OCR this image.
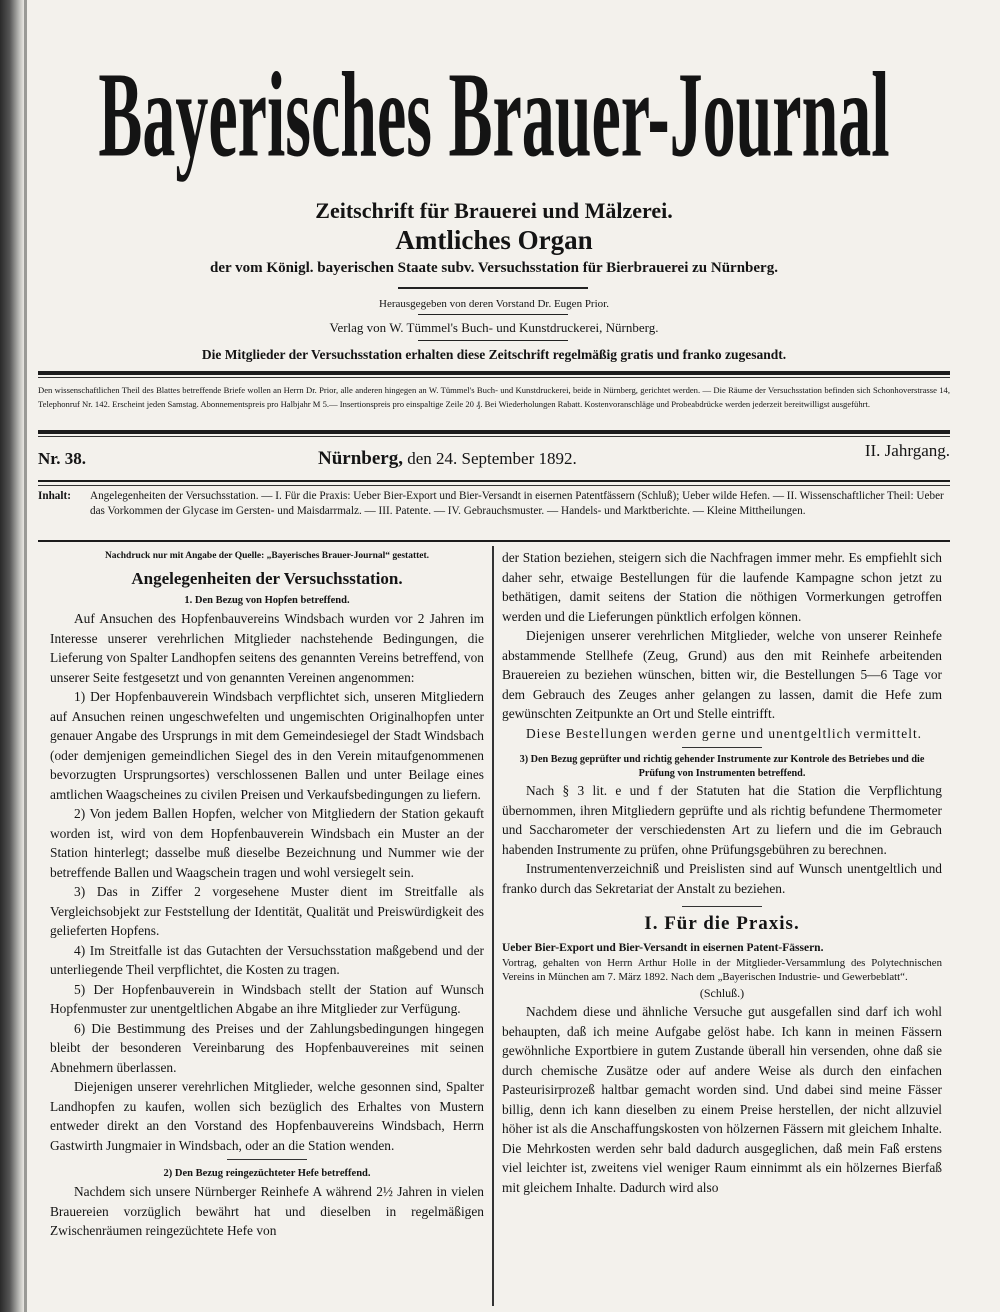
Bayerisches Brauer-Journal
Zeitschrift für Brauerei und Mälzerei.
Amtliches Organ
der vom Königl. bayerischen Staate subv. Versuchsstation für Bierbrauerei zu Nürnberg.
Herausgegeben von deren Vorstand Dr. Eugen Prior.
Verlag von W. Tümmel's Buch- und Kunstdruckerei, Nürnberg.
Die Mitglieder der Versuchsstation erhalten diese Zeitschrift regelmäßig gratis und franko zugesandt.
Den wissenschaftlichen Theil des Blattes betreffende Briefe wollen an Herrn Dr. Prior, alle anderen hingegen an W. Tümmel's Buch- und Kunstdruckerei, beide in Nürnberg, gerichtet werden. — Die Räume der Versuchsstation befinden sich Schonhoverstrasse 14, Telephonruf Nr. 142. Erscheint jeden Samstag. Abonnementspreis pro Halbjahr M 5.— Insertionspreis pro einspaltige Zeile 20 ₰. Bei Wiederholungen Rabatt. Kostenvoranschläge und Probeabdrücke werden jederzeit bereitwilligst ausgeführt.
Nr. 38.	Nürnberg, den 24. September 1892.	II. Jahrgang.
Inhalt: Angelegenheiten der Versuchsstation. — I. Für die Praxis: Ueber Bier-Export und Bier-Versandt in eisernen Patentfässern (Schluß); Ueber wilde Hefen. — II. Wissenschaftlicher Theil: Ueber das Vorkommen der Glycase im Gersten- und Maisdarrmalz. — III. Patente. — IV. Gebrauchsmuster. — Handels- und Marktberichte. — Kleine Mittheilungen.
Nachdruck nur mit Angabe der Quelle: „Bayerisches Brauer-Journal“ gestattet.
Angelegenheiten der Versuchsstation.
1. Den Bezug von Hopfen betreffend.

Auf Ansuchen des Hopfenbauvereins Windsbach wurden vor 2 Jahren im Interesse unserer verehrlichen Mitglieder nachstehende Bedingungen, die Lieferung von Spalter Landhopfen seitens des genannten Vereins betreffend, von unserer Seite festgesetzt und von genannten Vereinen angenommen:

1) Der Hopfenbauverein Windsbach verpflichtet sich, unseren Mitgliedern auf Ansuchen reinen ungeschwefelten und ungemischten Originalhopfen unter genauer Angabe des Ursprungs in mit dem Gemeindesiegel der Stadt Windsbach (oder demjenigen gemeindlichen Siegel des in den Verein mitaufgenommenen bevorzugten Ursprungsortes) verschlossenen Ballen und unter Beilage eines amtlichen Waagscheines zu civilen Preisen und Verkaufsbedingungen zu liefern.

2) Von jedem Ballen Hopfen, welcher von Mitgliedern der Station gekauft worden ist, wird von dem Hopfenbauverein Windsbach ein Muster an der Station hinterlegt; dasselbe muß dieselbe Bezeichnung und Nummer wie der betreffende Ballen und Waagschein tragen und wohl versiegelt sein.

3) Das in Ziffer 2 vorgesehene Muster dient im Streitfalle als Vergleichsobjekt zur Feststellung der Identität, Qualität und Preiswürdigkeit des gelieferten Hopfens.

4) Im Streitfalle ist das Gutachten der Versuchsstation maßgebend und der unterliegende Theil verpflichtet, die Kosten zu tragen.

5) Der Hopfenbauverein in Windsbach stellt der Station auf Wunsch Hopfenmuster zur unentgeltlichen Abgabe an ihre Mitglieder zur Verfügung.

6) Die Bestimmung des Preises und der Zahlungsbedingungen hingegen bleibt der besonderen Vereinbarung des Hopfenbauvereines mit seinen Abnehmern überlassen.

Diejenigen unserer verehrlichen Mitglieder, welche gesonnen sind, Spalter Landhopfen zu kaufen, wollen sich bezüglich des Erhaltes von Mustern entweder direkt an den Vorstand des Hopfenbauvereins Windsbach, Herrn Gastwirth Jungmaier in Windsbach, oder an die Station wenden.

2) Den Bezug reingezüchteter Hefe betreffend.

Nachdem sich unsere Nürnberger Reinhefe A während 2½ Jahren in vielen Brauereien vorzüglich bewährt hat und dieselben in regelmäßigen Zwischenräumen reingezüchtete Hefe von

der Station beziehen, steigern sich die Nachfragen immer mehr. Es empfiehlt sich daher sehr, etwaige Bestellungen für die laufende Kampagne schon jetzt zu bethätigen, damit seitens der Station die nöthigen Vormerkungen getroffen werden und die Lieferungen pünktlich erfolgen können.

Diejenigen unserer verehrlichen Mitglieder, welche von unserer Reinhefe abstammende Stellhefe (Zeug, Grund) aus den mit Reinhefe arbeitenden Brauereien zu beziehen wünschen, bitten wir, die Bestellungen 5—6 Tage vor dem Gebrauch des Zeuges anher gelangen zu lassen, damit die Hefe zum gewünschten Zeitpunkte an Ort und Stelle eintrifft.

Diese Bestellungen werden gerne und unentgeltlich vermittelt.

3) Den Bezug geprüfter und richtig gehender Instrumente zur Kontrole des Betriebes und die Prüfung von Instrumenten betreffend.

Nach § 3 lit. e und f der Statuten hat die Station die Verpflichtung übernommen, ihren Mitgliedern geprüfte und als richtig befundene Thermometer und Saccharometer der verschiedensten Art zu liefern und die im Gebrauch habenden Instrumente zu prüfen, ohne Prüfungsgebühren zu berechnen.

Instrumentenverzeichniß und Preislisten sind auf Wunsch unentgeltlich und franko durch das Sekretariat der Anstalt zu beziehen.

I. Für die Praxis.
Ueber Bier-Export und Bier-Versandt in eisernen Patent-Fässern.

Vortrag, gehalten von Herrn Arthur Holle in der Mitglieder-Versammlung des Polytechnischen Vereins in München am 7. März 1892. Nach dem „Bayerischen Industrie- und Gewerbeblatt“.

(Schluß.)

Nachdem diese und ähnliche Versuche gut ausgefallen sind darf ich wohl behaupten, daß ich meine Aufgabe gelöst habe. Ich kann in meinen Fässern gewöhnliche Exportbiere in gutem Zustande überall hin versenden, ohne daß sie durch chemische Zusätze oder auf andere Weise als durch den einfachen Pasteurisirprozeß haltbar gemacht worden sind. Und dabei sind meine Fässer billig, denn ich kann dieselben zu einem Preise herstellen, der nicht allzuviel höher ist als die Anschaffungskosten von hölzernen Fässern mit gleichem Inhalte. Die Mehrkosten werden sehr bald dadurch ausgeglichen, daß mein Faß erstens viel leichter ist, zweitens viel weniger Raum einnimmt als ein hölzernes Bierfaß mit gleichem Inhalte. Dadurch wird also
